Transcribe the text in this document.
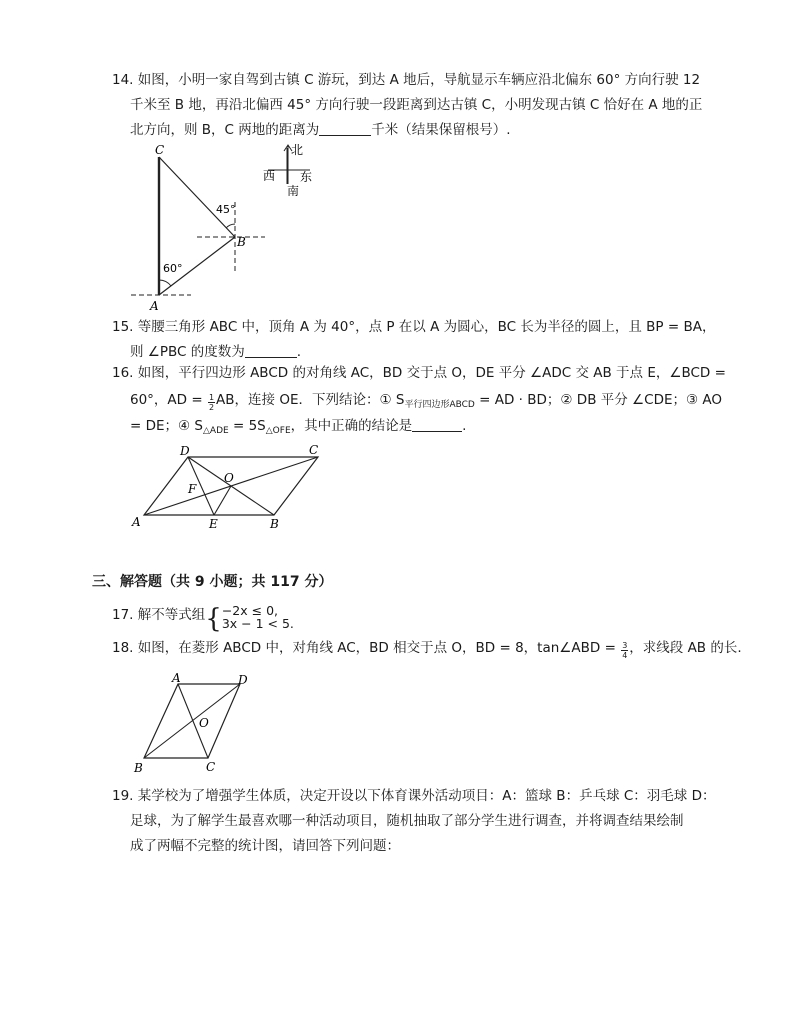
14. 如图，小明一家自驾到古镇 C 游玩，到达 A 地后，导航显示车辆应沿北偏东 60° 方向行驶 12
千米至 B 地，再沿北偏西 45° 方向行驶一段距离到达古镇 C，小明发现古镇 C 恰好在 A 地的正
北方向，则 B，C 两地的距离为	千米（结果保留根号）.
C
A
B
45°
60°
北
西 东
南
15. 等腰三角形 ABC 中，顶角 A 为 40°，点 P 在以 A 为圆心，BC 长为半径的圆上，且 BP = BA，
则 ∠PBC 的度数为	.
16. 如图，平行四边形 ABCD 的对角线 AC，BD 交于点 O，DE 平分 ∠ADC 交 AB 于点 E，∠BCD =
60°，AD = $\frac{1}{2}$ AB，连接 OE．下列结论：① $S_{平行四边形ABCD}$ = AD · BD；② DB 平分 ∠CDE；③ AO
= DE；④ $S_{\triangle ADE} = 5S_{\triangle OFE}$，其中正确的结论是	.
D	C
O
F
A	E	B
三、解答题（共 9 小题；共 117 分）
17. 解不等式组{ −2x ≤ 0,
3x − 1 < 5.
18. 如图，在菱形 ABCD 中，对角线 AC，BD 相交于点 O，BD = 8，tan∠ABD = $\frac{3}{4}$ ，求线段 AB 的长.
A	D
O
B	C
19. 某学校为了增强学生体质，决定开设以下体育课外活动项目：A：篮球 B：乒乓球 C：羽毛球 D：
足球，为了解学生最喜欢哪一种活动项目，随机抽取了部分学生进行调查，并将调查结果绘制
成了两幅不完整的统计图，请回答下列问题：
